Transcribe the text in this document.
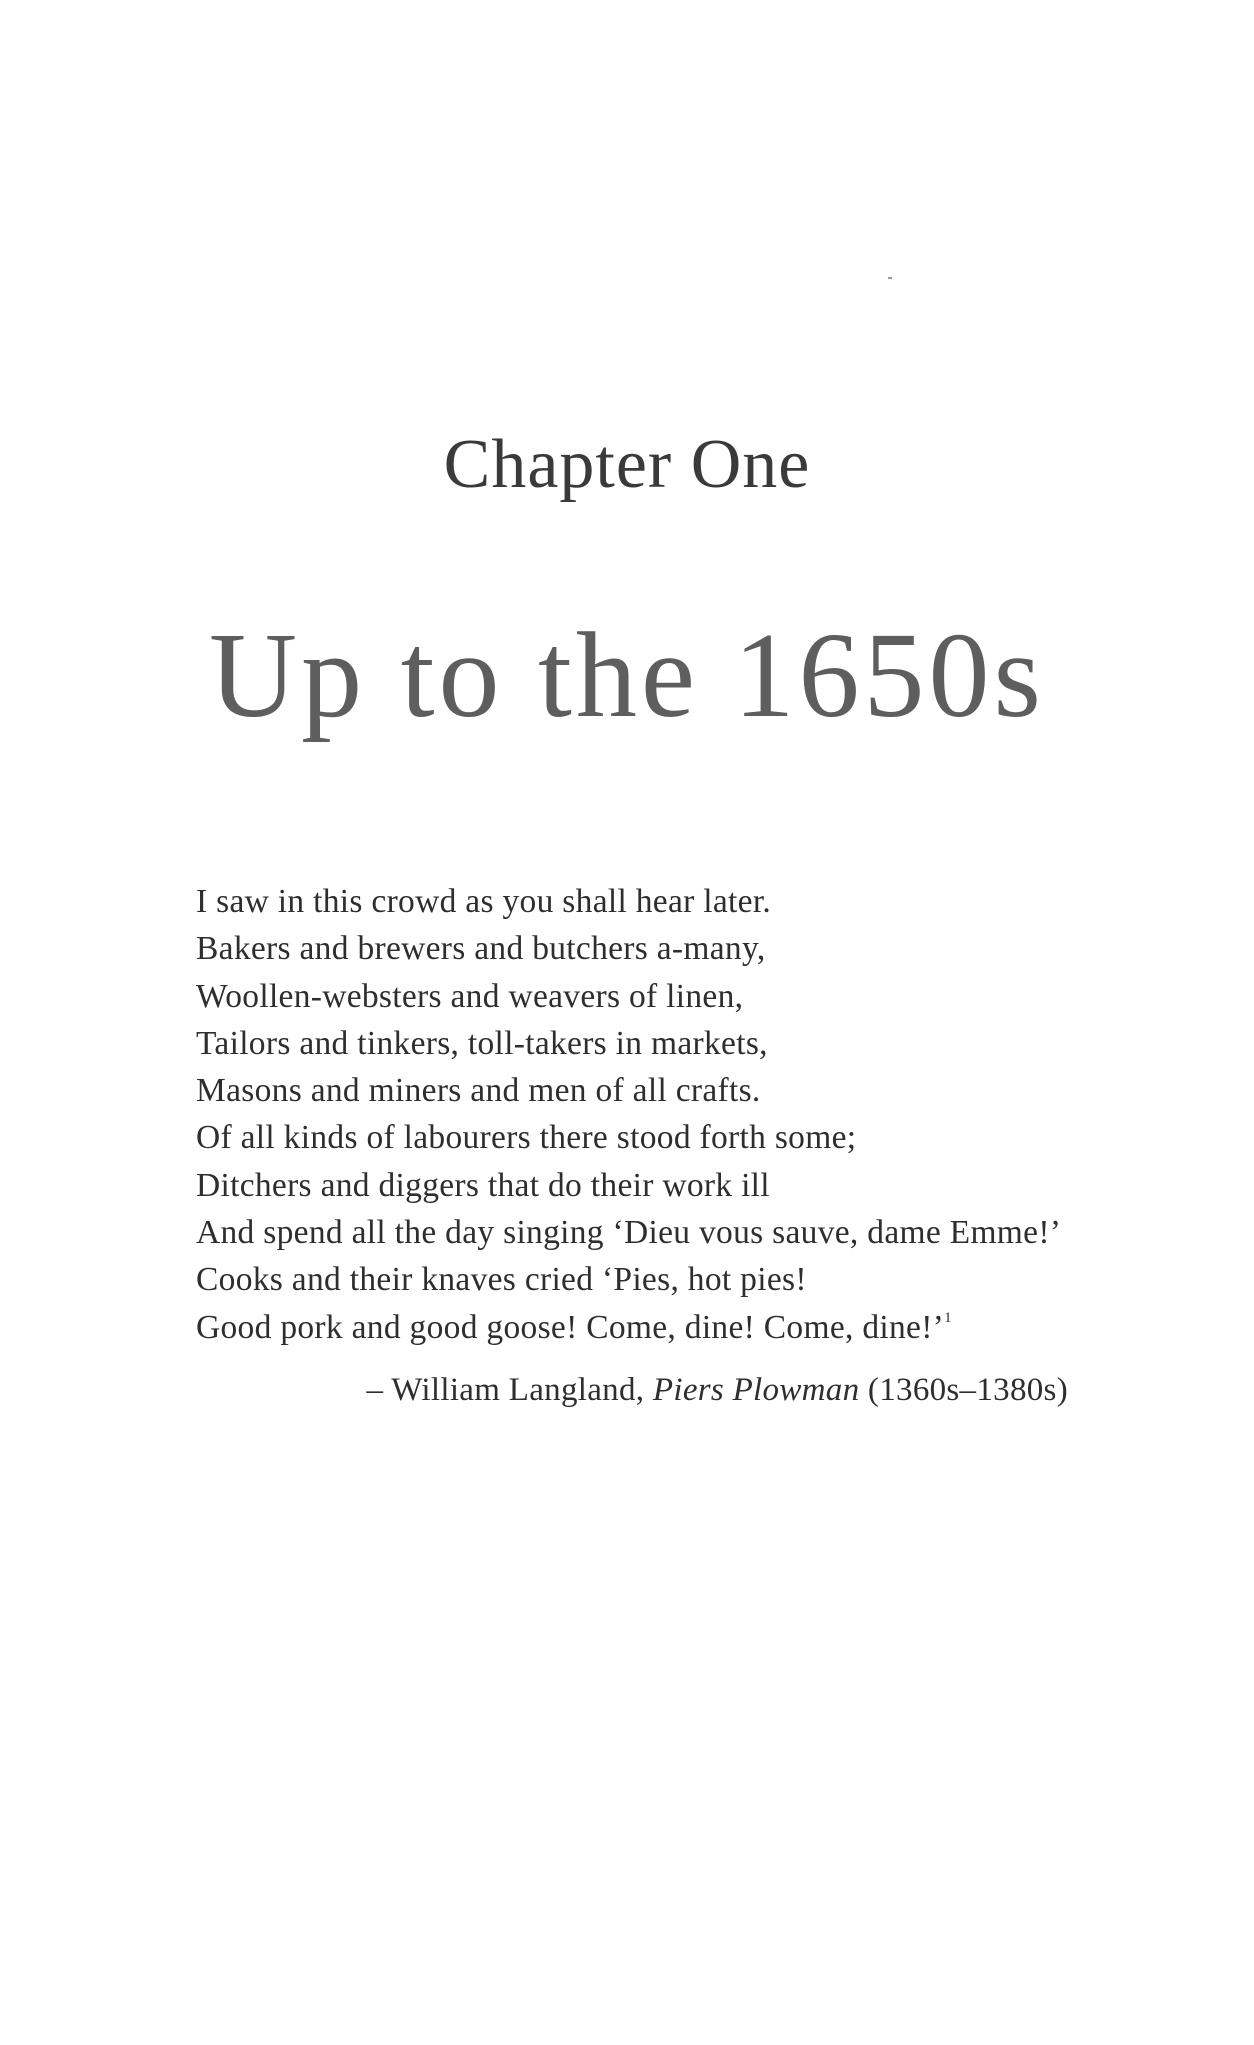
Chapter One
Up to the 1650s
I saw in this crowd as you shall hear later.
Bakers and brewers and butchers a-many,
Woollen-websters and weavers of linen,
Tailors and tinkers, toll-takers in markets,
Masons and miners and men of all crafts.
Of all kinds of labourers there stood forth some;
Ditchers and diggers that do their work ill
And spend all the day singing ‘Dieu vous sauve, dame Emme!’
Cooks and their knaves cried ‘Pies, hot pies!
Good pork and good goose! Come, dine! Come, dine!’$^1$
– William Langland, Piers Plowman (1360s–1380s)
